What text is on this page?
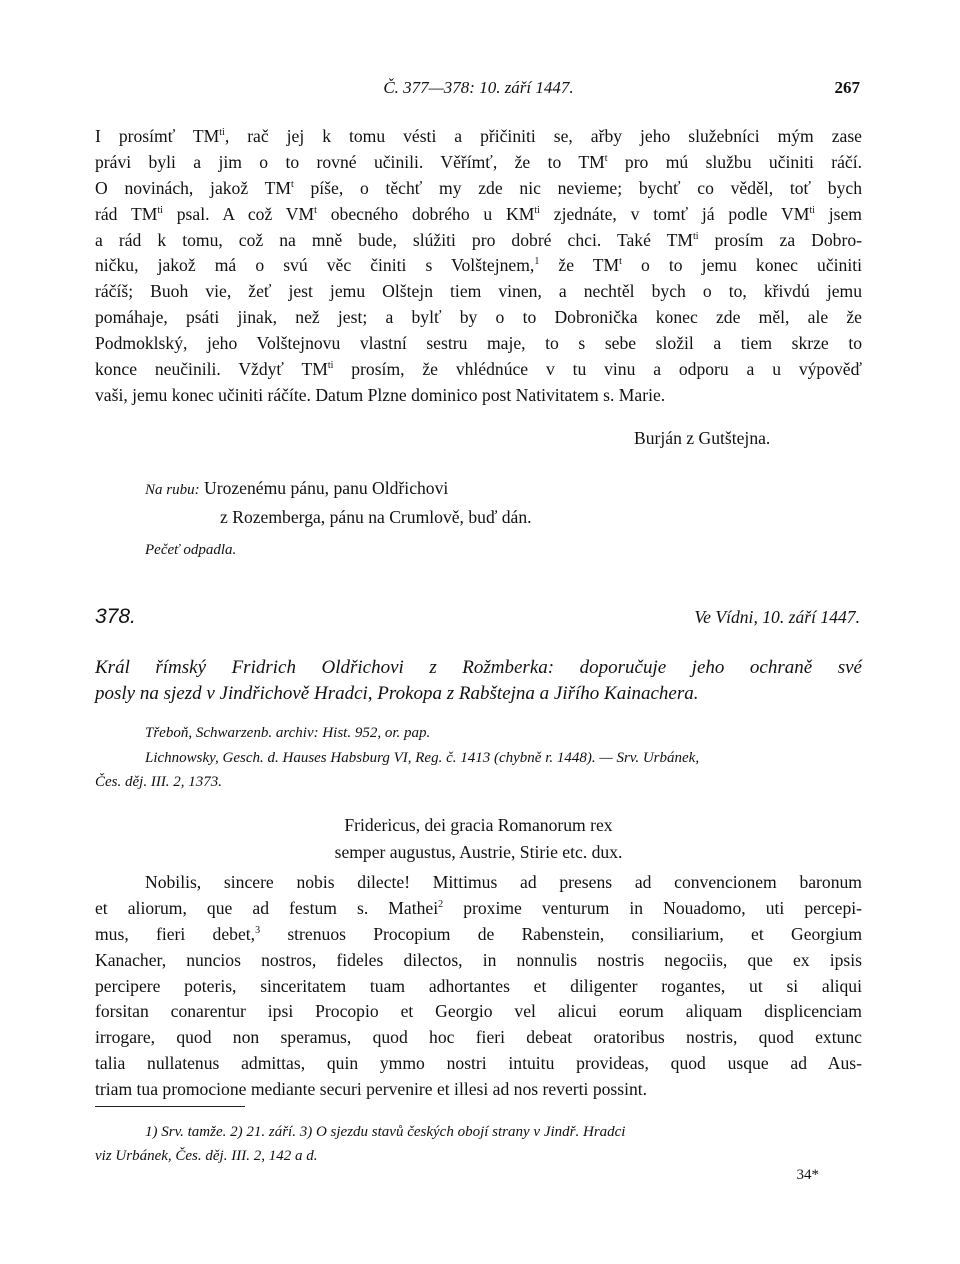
Č. 377—378: 10. září 1447.	267
I prosímť $TM^{ti}$, rač jej k tomu vésti a přičiniti se, ařby jeho služebníci mým zase
právi byli a jim o to rovné učinili. Věřímť, že to $TM^t$ pro mú službu učiniti ráčí.
O novinách, jakož $TM^t$ píše, o těchť my zde nic nevieme; bychť co věděl, toť bych
rád $TM^{ti}$ psal. A což $VM^t$ obecného dobrého u $KM^{ti}$ zjednáte, v tomť já podle $VM^{ti}$ jsem
a rád k tomu, což na mně bude, slúžiti pro dobré chci. Také $TM^{ti}$ prosím za Dobro-
ničku, jakož má o svú věc činiti s Volštejnem,$^1$ že $TM^t$ o to jemu konec učiniti
ráčíš; Buoh vie, žeť jest jemu Olštejn tiem vinen, a nechtěl bych o to, křivdú jemu
pomáhaje, psáti jinak, než jest; a bylť by o to Dobronička konec zde měl, ale že
Podmoklský, jeho Volštejnovu vlastní sestru maje, to s sebe složil a tiem skrze to
konce neučinili. Vždyť $TM^{ti}$ prosím, že vhlédnúce v tu vinu a odporu a u výpověď
vaši, jemu konec učiniti ráčíte. Datum Plzne dominico post Nativitatem s. Marie.
Burján z Gutštejna.
Na rubu: Urozenému pánu, panu Oldřichovi
z Rozemberga, pánu na Crumlově, buď dán.
Pečeť odpadla.
378.	Ve Vídni, 10. září 1447.
Král římský Fridrich Oldřichovi z Rožmberka: doporučuje jeho ochraně své
posly na sjezd v Jindřichově Hradci, Prokopa z Rabštejna a Jiřího Kainachera.
Třeboň, Schwarzenb. archiv: Hist. 952, or. pap.
Lichnowsky, Gesch. d. Hauses Habsburg VI, Reg. č. 1413 (chybně r. 1448). — Srv. Urbánek,
Čes. děj. III. 2, 1373.
Fridericus, dei gracia Romanorum rex
semper augustus, Austrie, Stirie etc. dux.
Nobilis, sincere nobis dilecte! Mittimus ad presens ad convencionem baronum
et aliorum, que ad festum s. Mathei$^2$ proxime venturum in Nouadomo, uti percepi-
mus, fieri debet,$^3$ strenuos Procopium de Rabenstein, consiliarium, et Georgium
Kanacher, nuncios nostros, fideles dilectos, in nonnulis nostris negociis, que ex ipsis
percipere poteris, sinceritatem tuam adhortantes et diligenter rogantes, ut si aliqui
forsitan conarentur ipsi Procopio et Georgio vel alicui eorum aliquam displicenciam
irrogare, quod non speramus, quod hoc fieri debeat oratoribus nostris, quod extunc
talia nullatenus admittas, quin ymmo nostri intuitu provideas, quod usque ad Aus-
triam tua promocione mediante securi pervenire et illesi ad nos reverti possint.
1) Srv. tamže. 2) 21. září. 3) O sjezdu stavů českých obojí strany v Jindř. Hradci
viz Urbánek, Čes. děj. III. 2, 142 a d.
34*
